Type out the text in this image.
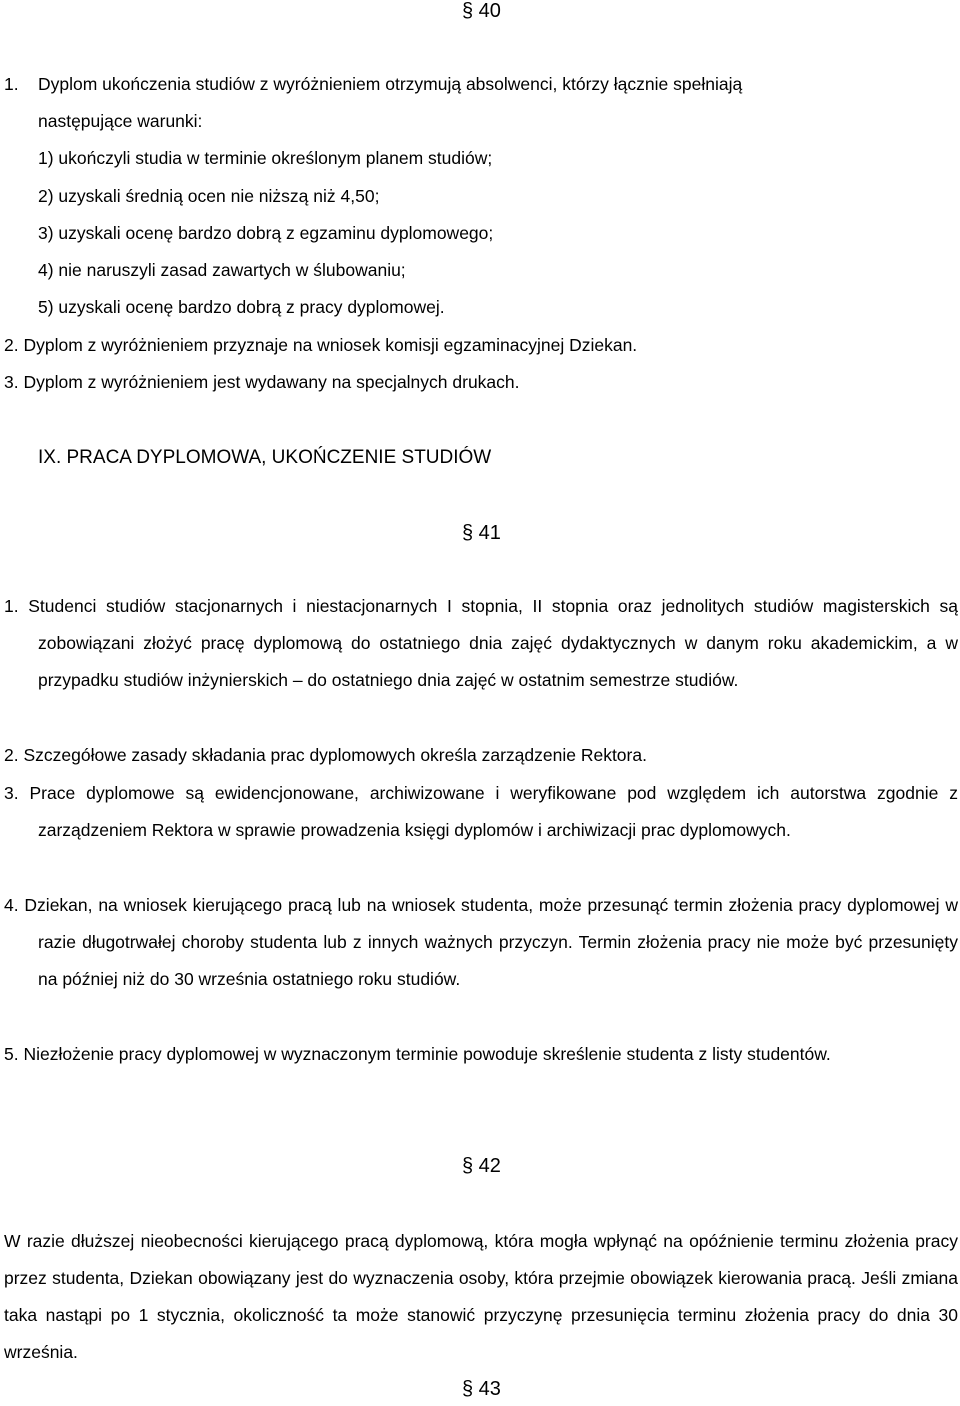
§ 40
1. Dyplom ukończenia studiów z wyróżnieniem otrzymują absolwenci, którzy łącznie spełniają
następujące warunki:
1) ukończyli studia w terminie określonym planem studiów;
2) uzyskali średnią ocen nie niższą niż 4,50;
3) uzyskali ocenę bardzo dobrą z egzaminu dyplomowego;
4) nie naruszyli zasad zawartych w ślubowaniu;
5) uzyskali ocenę bardzo dobrą z pracy dyplomowej.
2. Dyplom z wyróżnieniem przyznaje na wniosek komisji egzaminacyjnej Dziekan.
3. Dyplom z wyróżnieniem jest wydawany na specjalnych drukach.
IX. PRACA DYPLOMOWA, UKOŃCZENIE STUDIÓW
§ 41

1. Studenci studiów stacjonarnych i niestacjonarnych I stopnia, II stopnia oraz jednolitych studiów magisterskich są zobowiązani złożyć pracę dyplomową do ostatniego dnia zajęć dydaktycznych w danym roku akademickim, a w przypadku studiów inżynierskich – do ostatniego dnia zajęć w ostatnim semestrze studiów.

2. Szczegółowe zasady składania prac dyplomowych określa zarządzenie Rektora.

3. Prace dyplomowe są ewidencjonowane, archiwizowane i weryfikowane pod względem ich autorstwa zgodnie z zarządzeniem Rektora w sprawie prowadzenia księgi dyplomów i archiwizacji prac dyplomowych.

4. Dziekan, na wniosek kierującego pracą lub na wniosek studenta, może przesunąć termin złożenia pracy dyplomowej w razie długotrwałej choroby studenta lub z innych ważnych przyczyn. Termin złożenia pracy nie może być przesunięty na później niż do 30 września ostatniego roku studiów.

5. Niezłożenie pracy dyplomowej w wyznaczonym terminie powoduje skreślenie studenta z listy studentów.

§ 42

W razie dłuższej nieobecności kierującego pracą dyplomową, która mogła wpłynąć na opóźnienie terminu złożenia pracy przez studenta, Dziekan obowiązany jest do wyznaczenia osoby, która przejmie obowiązek kierowania pracą. Jeśli zmiana taka nastąpi po 1 stycznia, okoliczność ta może stanowić przyczynę przesunięcia terminu złożenia pracy do dnia 30 września.

§ 43
